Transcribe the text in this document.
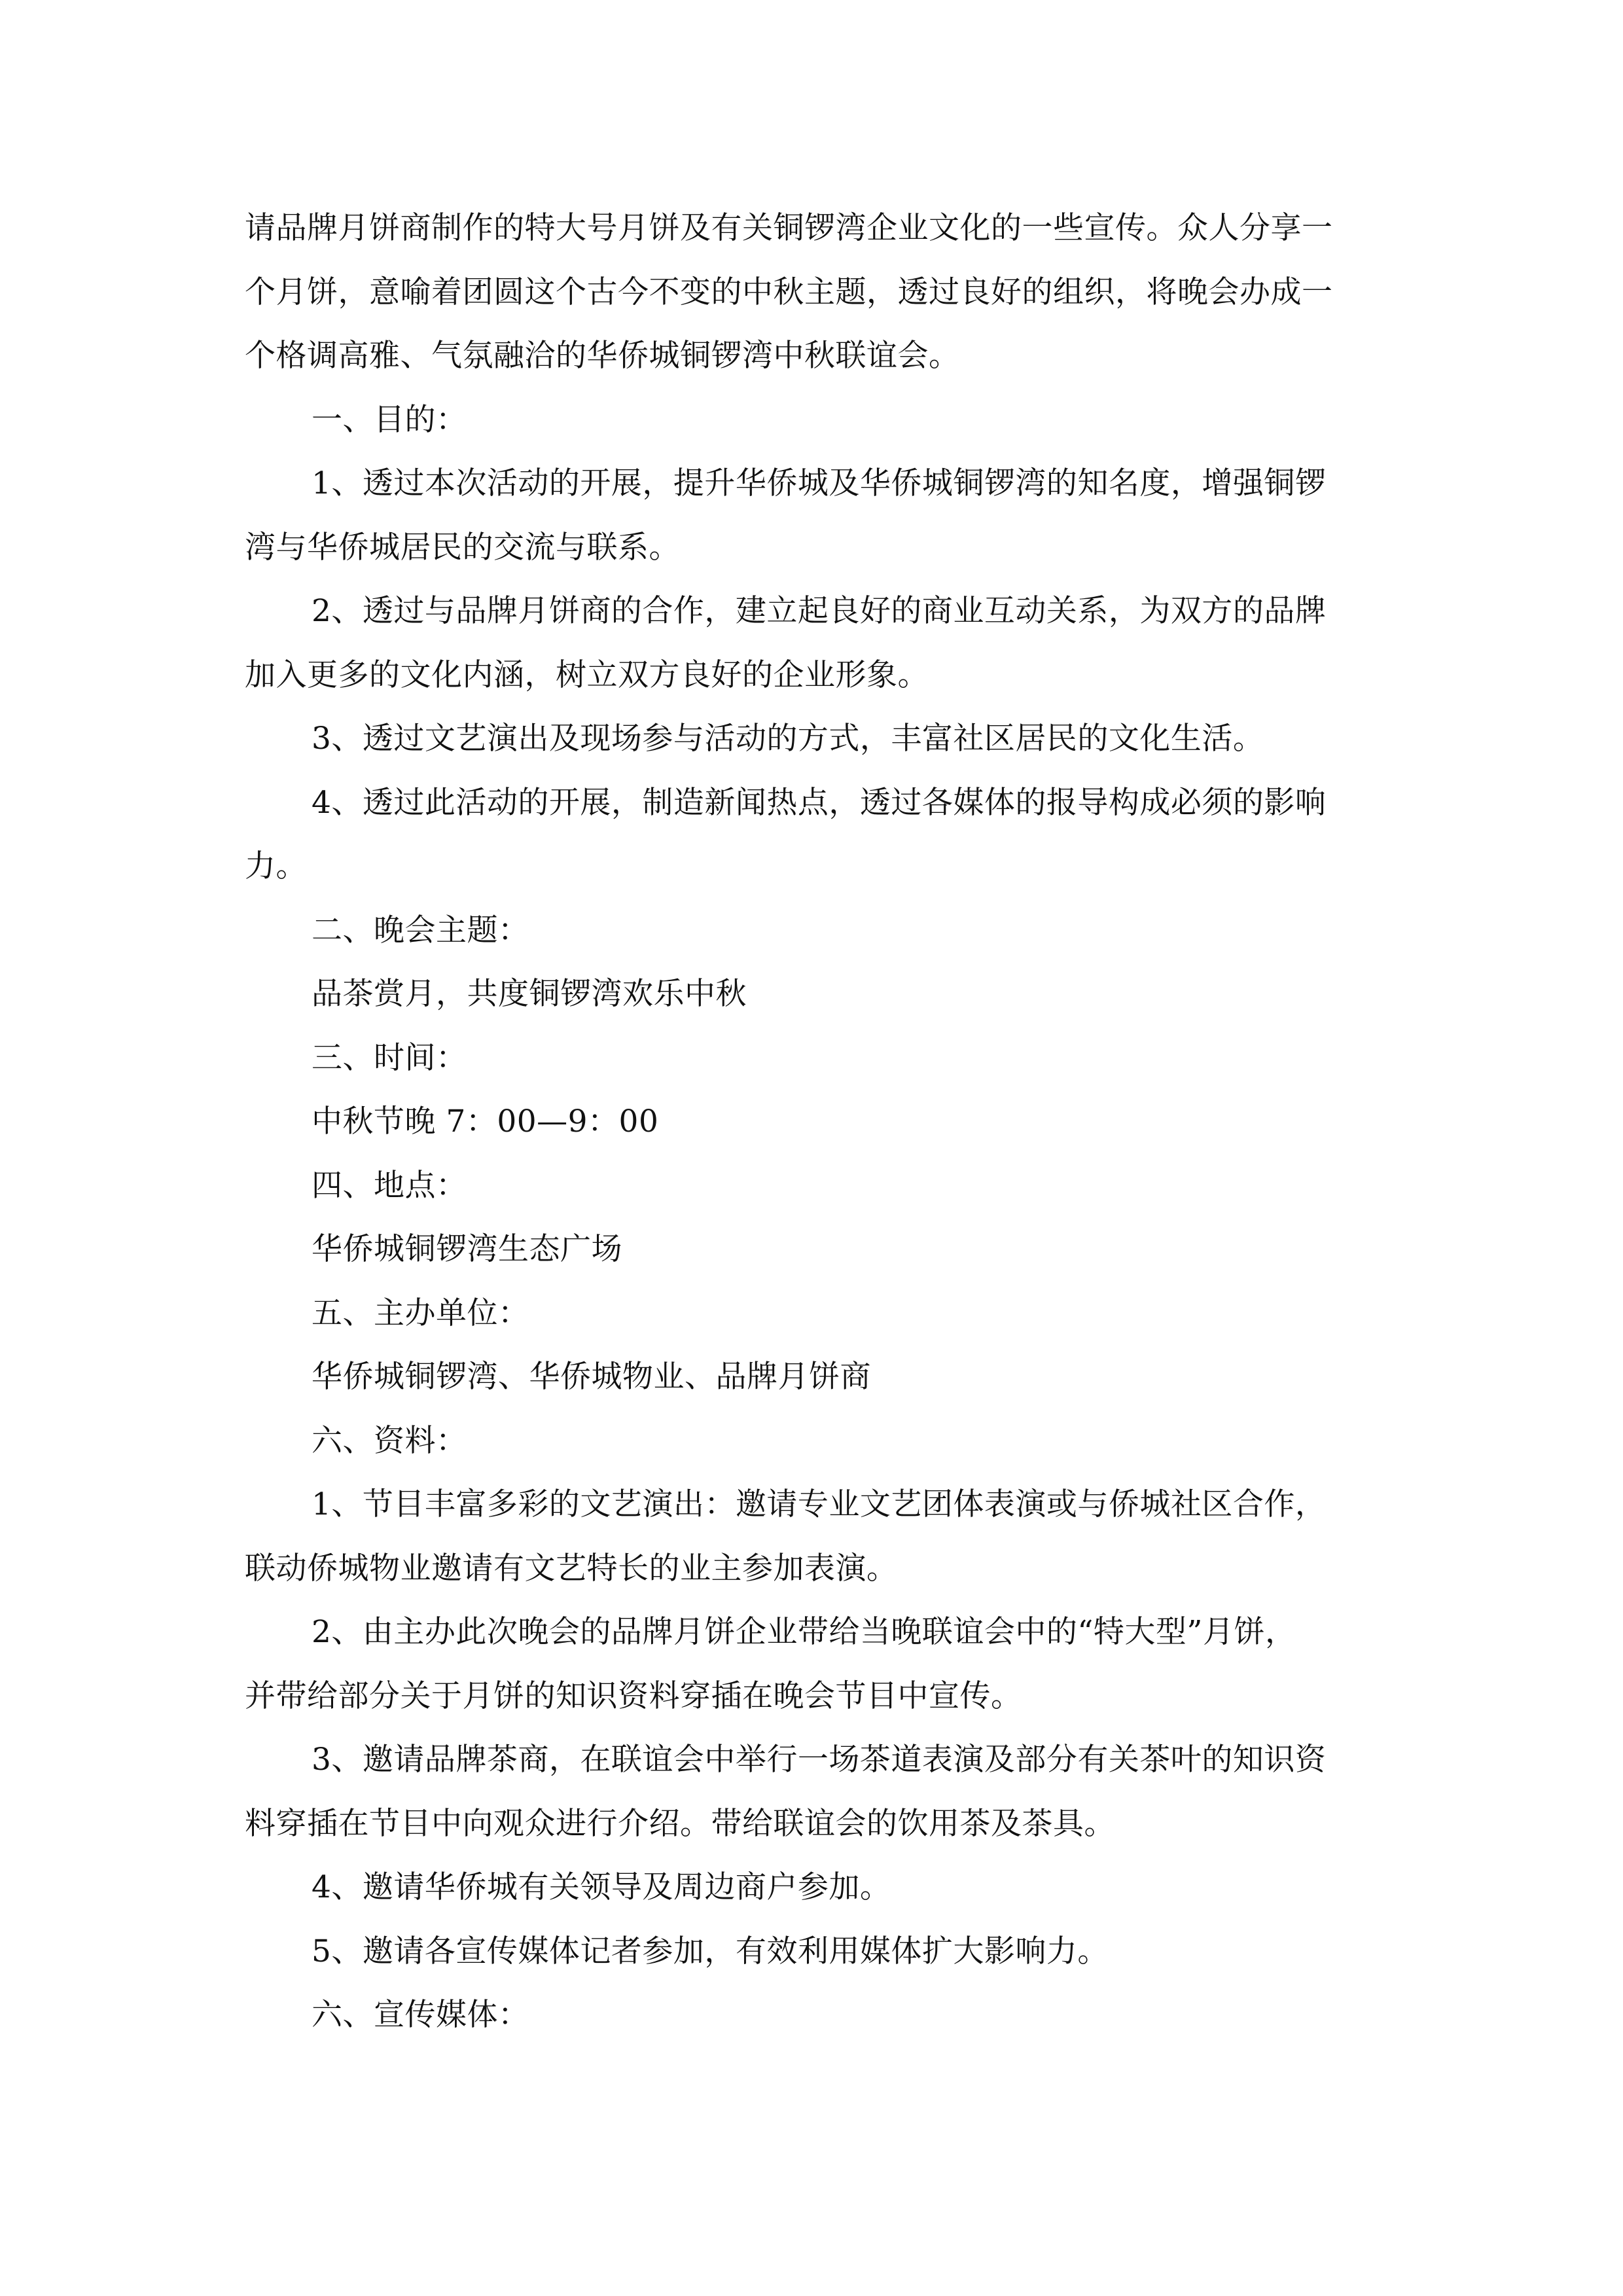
请品牌月饼商制作的特大号月饼及有关铜锣湾企业文化的一些宣传。众人分享一
个月饼，意喻着团圆这个古今不变的中秋主题，透过良好的组织，将晚会办成一
个格调高雅、气氛融洽的华侨城铜锣湾中秋联谊会。
一、目的：
1、透过本次活动的开展，提升华侨城及华侨城铜锣湾的知名度，增强铜锣
湾与华侨城居民的交流与联系。
2、透过与品牌月饼商的合作，建立起良好的商业互动关系，为双方的品牌
加入更多的文化内涵，树立双方良好的企业形象。
3、透过文艺演出及现场参与活动的方式，丰富社区居民的文化生活。
4、透过此活动的开展，制造新闻热点，透过各媒体的报导构成必须的影响
力。
二、晚会主题：
品茶赏月，共度铜锣湾欢乐中秋
三、时间：
中秋节晚 7：00—9：00
四、地点：
华侨城铜锣湾生态广场
五、主办单位：
华侨城铜锣湾、华侨城物业、品牌月饼商
六、资料：
1、节目丰富多彩的文艺演出：邀请专业文艺团体表演或与侨城社区合作，
联动侨城物业邀请有文艺特长的业主参加表演。
2、由主办此次晚会的品牌月饼企业带给当晚联谊会中的“特大型”月饼，
并带给部分关于月饼的知识资料穿插在晚会节目中宣传。
3、邀请品牌茶商，在联谊会中举行一场茶道表演及部分有关茶叶的知识资
料穿插在节目中向观众进行介绍。带给联谊会的饮用茶及茶具。
4、邀请华侨城有关领导及周边商户参加。
5、邀请各宣传媒体记者参加，有效利用媒体扩大影响力。
六、宣传媒体：
